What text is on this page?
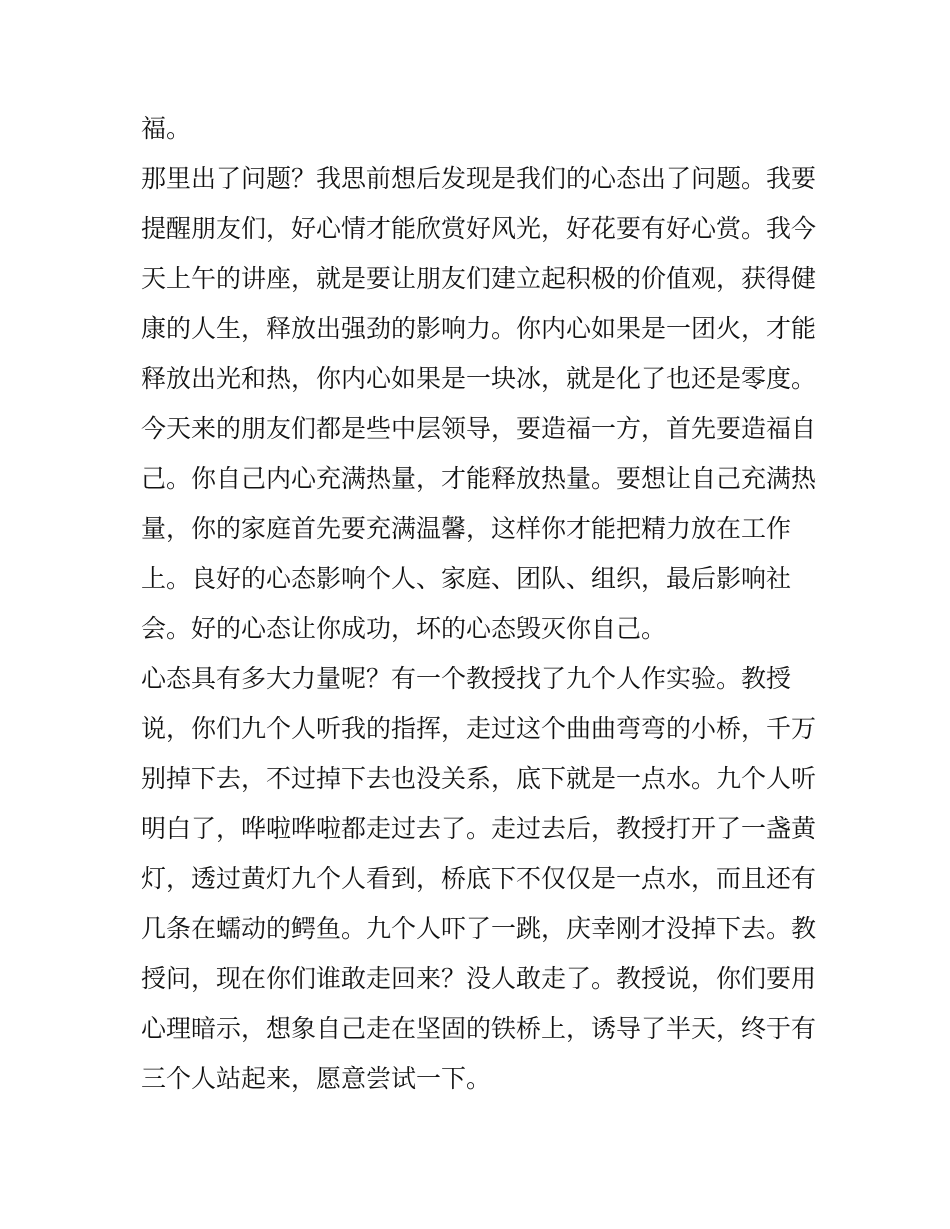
福。
那里出了问题？我思前想后发现是我们的心态出了问题。我要
提醒朋友们，好心情才能欣赏好风光，好花要有好心赏。我今
天上午的讲座，就是要让朋友们建立起积极的价值观，获得健
康的人生，释放出强劲的影响力。你内心如果是一团火，才能
释放出光和热，你内心如果是一块冰，就是化了也还是零度。
今天来的朋友们都是些中层领导，要造福一方，首先要造福自
己。你自己内心充满热量，才能释放热量。要想让自己充满热
量，你的家庭首先要充满温馨，这样你才能把精力放在工作
上。良好的心态影响个人、家庭、团队、组织，最后影响社
会。好的心态让你成功，坏的心态毁灭你自己。
心态具有多大力量呢？有一个教授找了九个人作实验。教授
说，你们九个人听我的指挥，走过这个曲曲弯弯的小桥，千万
别掉下去，不过掉下去也没关系，底下就是一点水。九个人听
明白了，哗啦哗啦都走过去了。走过去后，教授打开了一盏黄
灯，透过黄灯九个人看到，桥底下不仅仅是一点水，而且还有
几条在蠕动的鳄鱼。九个人吓了一跳，庆幸刚才没掉下去。教
授问，现在你们谁敢走回来？没人敢走了。教授说，你们要用
心理暗示，想象自己走在坚固的铁桥上，诱导了半天，终于有
三个人站起来，愿意尝试一下。
